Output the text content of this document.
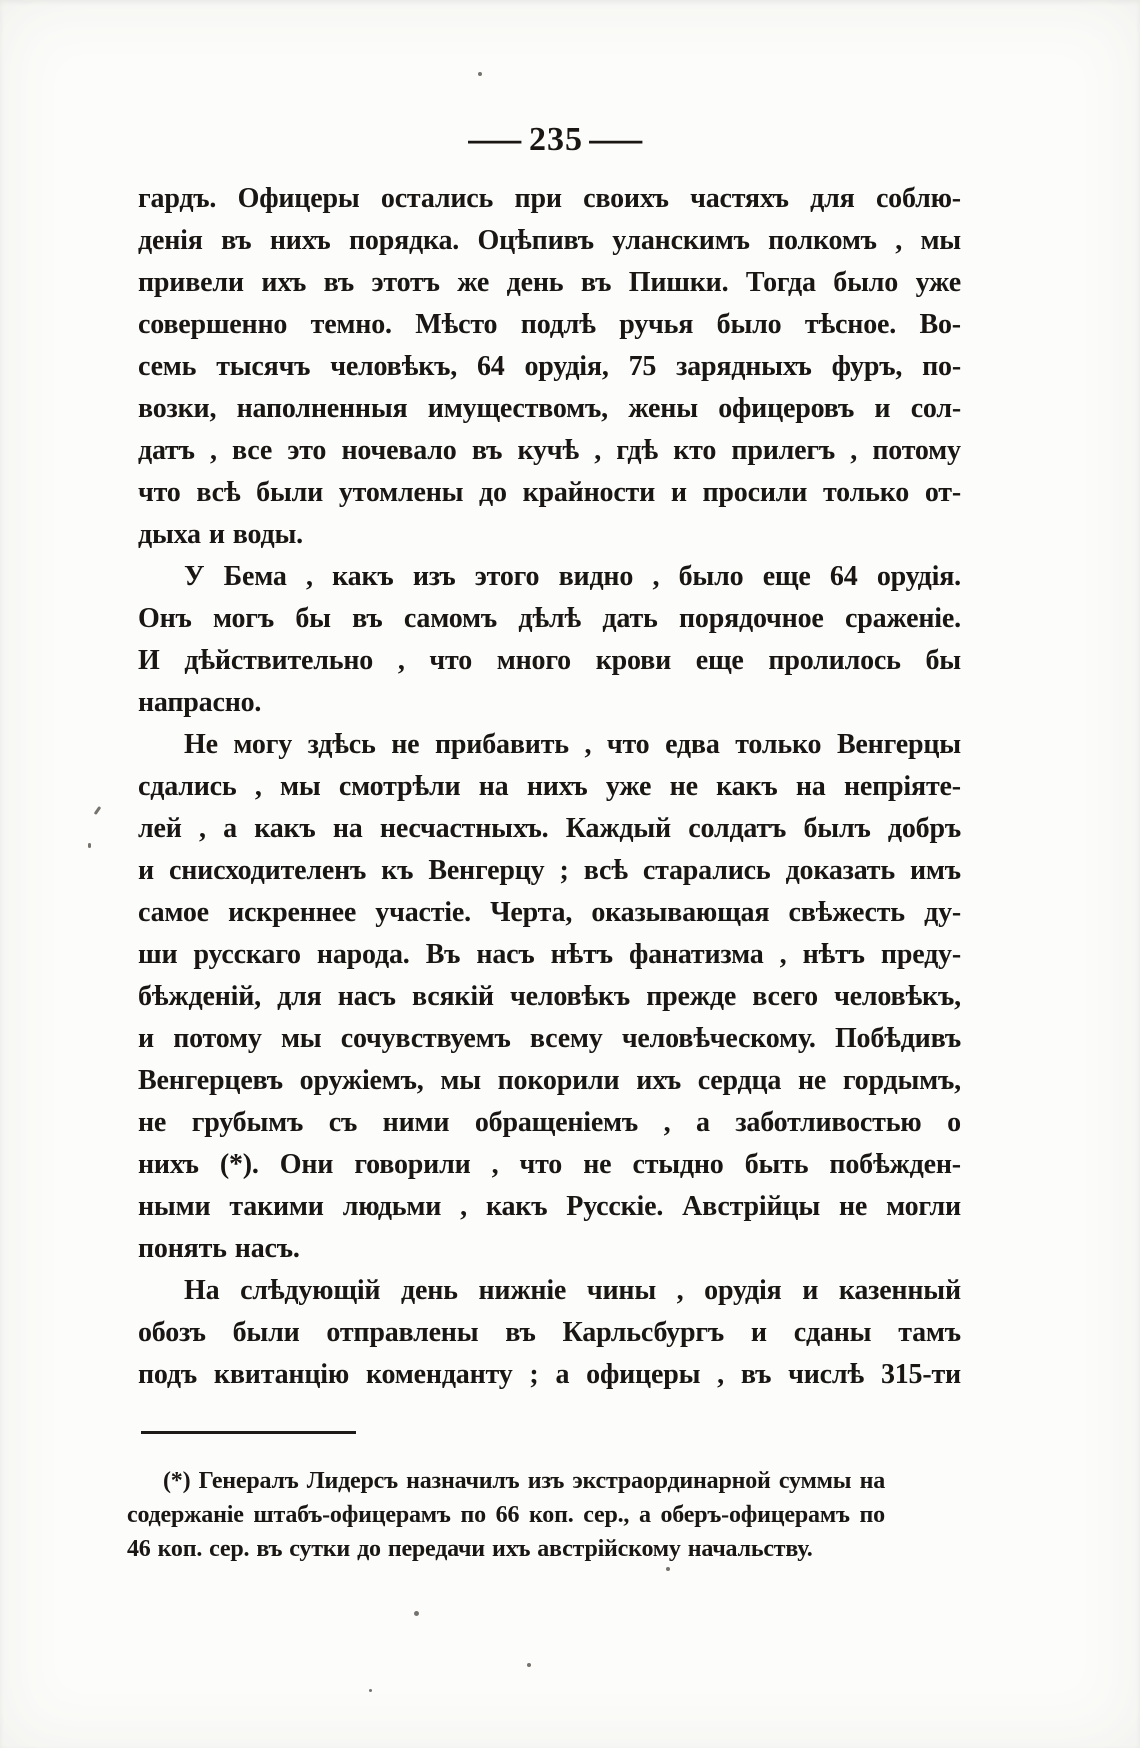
— 235 —
гардъ. Офицеры остались при своихъ частяхъ для соблю-
денія въ нихъ порядка. Оцѣпивъ уланскимъ полкомъ , мы
привели ихъ въ этотъ же день въ Пишки. Тогда было уже
совершенно темно. Мѣсто подлѣ ручья было тѣсное. Во-
семь тысячъ человѣкъ, 64 орудія, 75 зарядныхъ фуръ, по-
возки, наполненныя имуществомъ, жены офицеровъ и сол-
датъ , все это ночевало въ кучѣ , гдѣ кто прилегъ , потому
что всѣ были утомлены до крайности и просили только от-
дыха и воды.
У Бема , какъ изъ этого видно , было еще 64 орудія.
Онъ могъ бы въ самомъ дѣлѣ дать порядочное сраженіе.
И дѣйствительно , что много крови еще пролилось бы
напрасно.
Не могу здѣсь не прибавить , что едва только Венгерцы
сдались , мы смотрѣли на нихъ уже не какъ на непріяте-
лей , а какъ на несчастныхъ. Каждый солдатъ былъ добръ
и снисходителенъ къ Венгерцу ; всѣ старались доказать имъ
самое искреннее участіе. Черта, оказывающая свѣжесть ду-
ши русскаго народа. Въ насъ нѣтъ фанатизма , нѣтъ преду-
бѣжденій, для насъ всякій человѣкъ прежде всего человѣкъ,
и потому мы сочувствуемъ всему человѣческому. Побѣдивъ
Венгерцевъ оружіемъ, мы покорили ихъ сердца не гордымъ,
не грубымъ съ ними обращеніемъ , а заботливостью о
нихъ (*). Они говорили , что не стыдно быть побѣжден-
ными такими людьми , какъ Русскіе. Австрійцы не могли
понять насъ.
На слѣдующій день нижніе чины , орудія и казенный
обозъ были отправлены въ Карльсбургъ и сданы тамъ
подъ квитанцію коменданту ; а офицеры , въ числѣ 315-ти
(*) Генералъ Лидерсъ назначилъ изъ экстраординарной суммы на
содержаніе штабъ-офицерамъ по 66 коп. сер., а оберъ-офицерамъ по
46 коп. сер. въ сутки до передачи ихъ австрійскому начальству.
